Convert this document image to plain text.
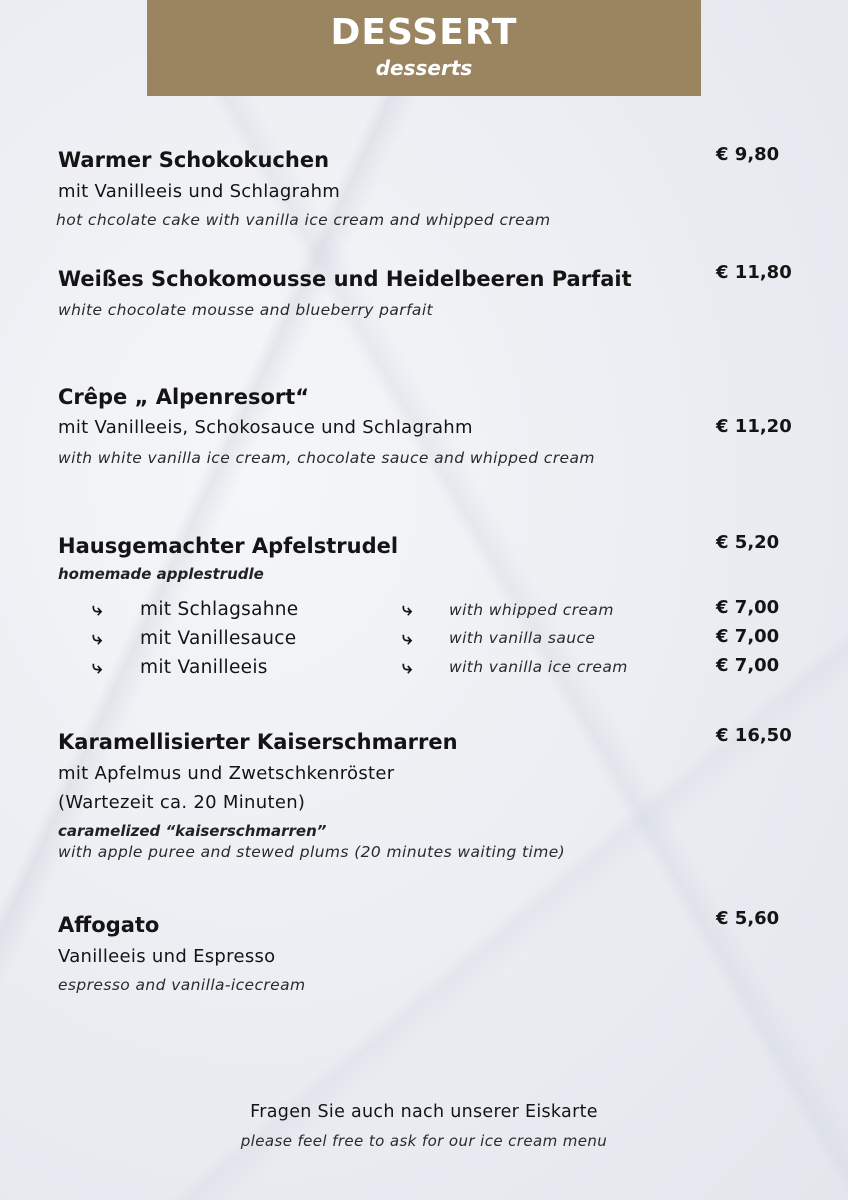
DESSERT
desserts
Warmer Schokokuchen
mit Vanilleeis und Schlagrahm
hot chcolate cake with vanilla ice cream and whipped cream
€ 9,80
Weißes Schokomousse und Heidelbeeren Parfait
white chocolate mousse and blueberry parfait
€ 11,80
Crêpe „ Alpenresort“
mit Vanilleeis, Schokosauce und Schlagrahm
with white vanilla ice cream, chocolate sauce and whipped cream
€ 11,20
Hausgemachter Apfelstrudel
homemade applestrudle
€ 5,20
⤷ mit Schlagsahne	⤷ with whipped cream	€ 7,00
⤷ mit Vanillesauce	⤷ with vanilla sauce	€ 7,00
⤷ mit Vanilleeis	⤷ with vanilla ice cream	€ 7,00
Karamellisierter Kaiserschmarren
mit Apfelmus und Zwetschkenröster
(Wartezeit ca. 20 Minuten)
caramelized “kaiserschmarren”
with apple puree and stewed plums (20 minutes waiting time)
€ 16,50
Affogato
Vanilleeis und Espresso
espresso and vanilla-icecream
€ 5,60
Fragen Sie auch nach unserer Eiskarte
please feel free to ask for our ice cream menu
